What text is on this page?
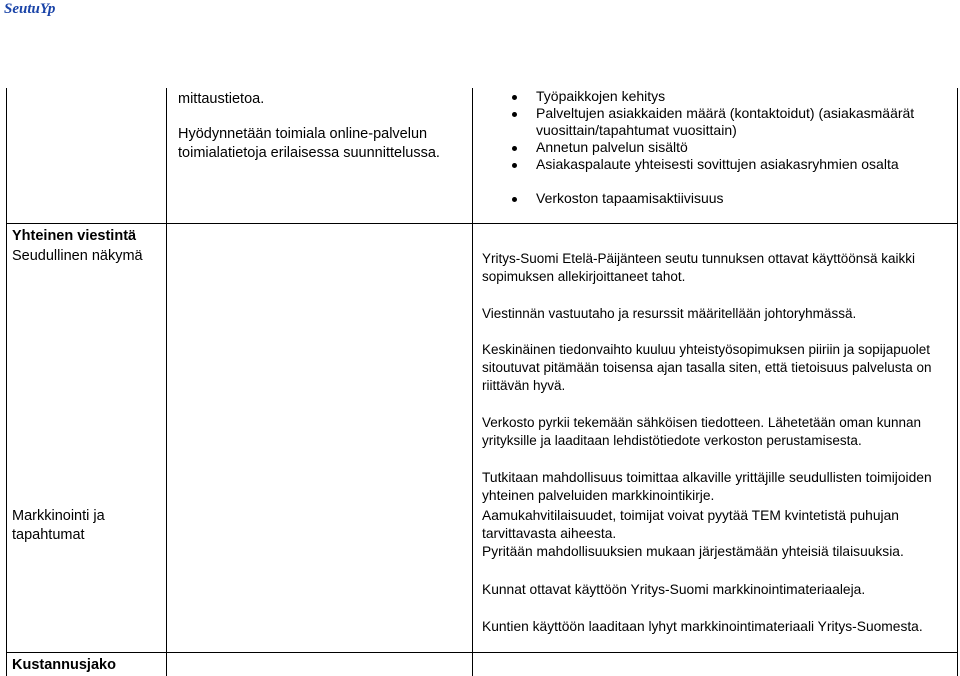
SeutuYp
mittaustietoa.
Hyödynnetään toimiala online-palvelun
toimialatietoja erilaisessa suunnittelussa.
Työpaikkojen kehitys
Palveltujen asiakkaiden määrä (kontaktoidut) (asiakasmäärät
vuosittain/tapahtumat vuosittain)
Annetun palvelun sisältö
Asiakaspalaute yhteisesti sovittujen asiakasryhmien osalta
Verkoston tapaamisaktiivisuus
Yhteinen viestintä
Seudullinen näkymä	Yritys-Suomi Etelä-Päijänteen seutu tunnuksen ottavat käyttöönsä kaikki
sopimuksen allekirjoittaneet tahot.
Viestinnän vastuutaho ja resurssit määritellään johtoryhmässä.
Keskinäinen tiedonvaihto kuuluu yhteistyösopimuksen piiriin ja sopijapuolet
sitoutuvat pitämään toisensa ajan tasalla siten, että tietoisuus palvelusta on
riittävän hyvä.
Verkosto pyrkii tekemään sähköisen tiedotteen. Lähetetään oman kunnan
yrityksille ja laaditaan lehdistötiedote verkoston perustamisesta.
Markkinointi ja
tapahtumat
Tutkitaan mahdollisuus toimittaa alkaville yrittäjille seudullisten toimijoiden
yhteinen palveluiden markkinointikirje.
Aamukahvitilaisuudet, toimijat voivat pyytää TEM kvintetistä puhujan
tarvittavasta aiheesta.
Pyritään mahdollisuuksien mukaan järjestämään yhteisiä tilaisuuksia.
Kunnat ottavat käyttöön Yritys-Suomi markkinointimateriaaleja.
Kuntien käyttöön laaditaan lyhyt markkinointimateriaali Yritys-Suomesta.
Kustannusjako
